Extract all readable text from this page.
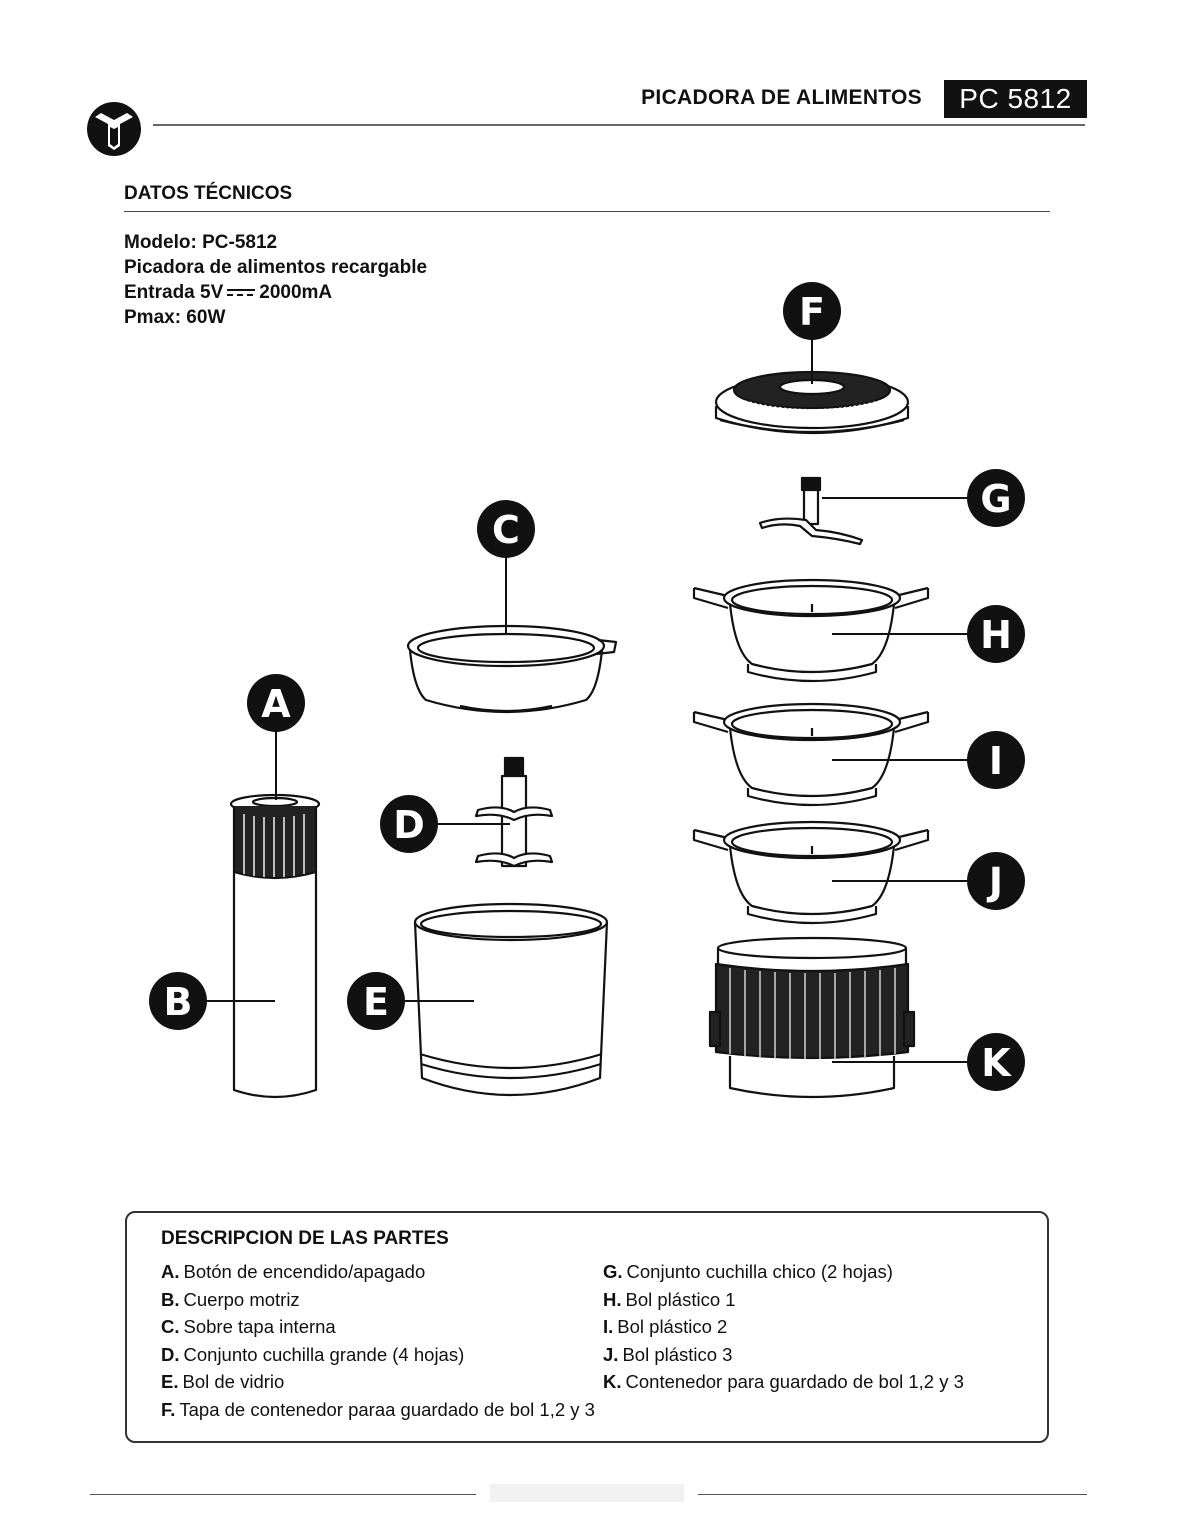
PICADORA DE ALIMENTOS	PC 5812
DATOS TÉCNICOS
Modelo: PC-5812
Picadora de alimentos recargable
Entrada 5V 2000mA
Pmax: 60W
A
B
C
D
E
F
G
H
I
J
K
DESCRIPCION DE LAS PARTES
A. Botón de encendido/apagado
B. Cuerpo motriz
C. Sobre tapa interna
D. Conjunto cuchilla grande (4 hojas)
E. Bol de vidrio
F. Tapa de contenedor paraa guardado de bol 1,2 y 3
G. Conjunto cuchilla chico (2 hojas)
H. Bol plástico 1
I. Bol plástico 2
J. Bol plástico 3
K. Contenedor para guardado de bol 1,2 y 3
